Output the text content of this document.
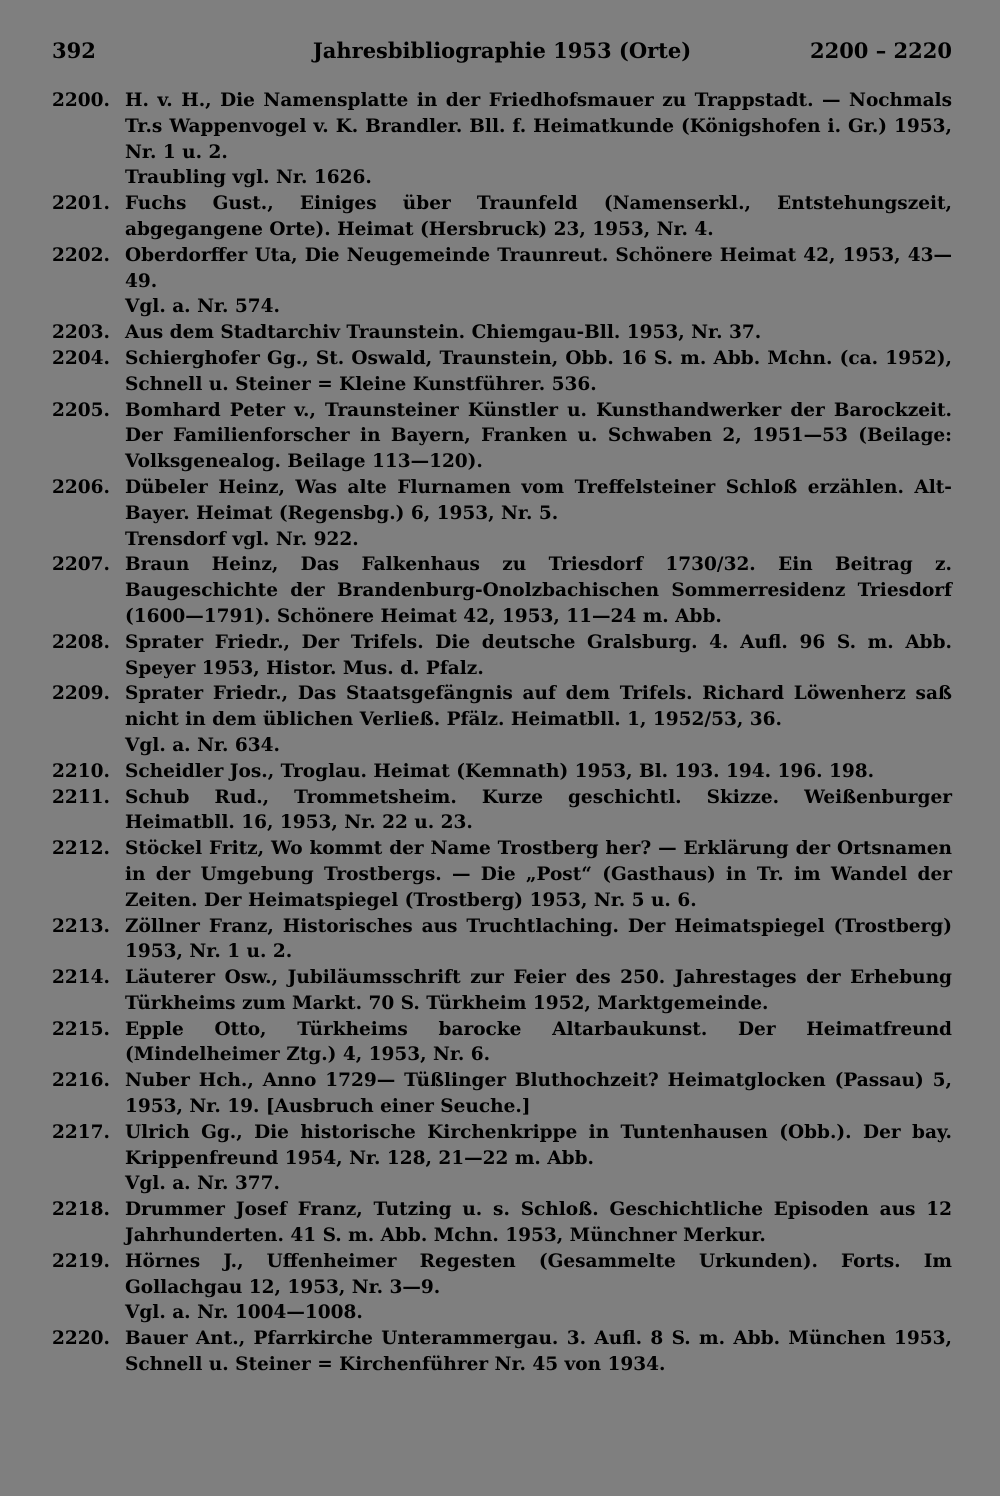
392	Jahresbibliographie 1953 (Orte)	2200 – 2220
2200. H. v. H., Die Namensplatte in der Friedhofsmauer zu Trappstadt. — Nochmals Tr.s Wappenvogel v. K. Brandler. Bll. f. Heimatkunde (Königshofen i. Gr.) 1953, Nr. 1 u. 2.
Traubling vgl. Nr. 1626.
2201. Fuchs Gust., Einiges über Traunfeld (Namenserkl., Entstehungszeit, abgegangene Orte). Heimat (Hersbruck) 23, 1953, Nr. 4.
2202. Oberdorffer Uta, Die Neugemeinde Traunreut. Schönere Heimat 42, 1953, 43—49.
Vgl. a. Nr. 574.
2203. Aus dem Stadtarchiv Traunstein. Chiemgau-Bll. 1953, Nr. 37.
2204. Schierghofer Gg., St. Oswald, Traunstein, Obb. 16 S. m. Abb. Mchn. (ca. 1952), Schnell u. Steiner = Kleine Kunstführer. 536.
2205. Bomhard Peter v., Traunsteiner Künstler u. Kunsthandwerker der Barockzeit. Der Familienforscher in Bayern, Franken u. Schwaben 2, 1951—53 (Beilage: Volksgenealog. Beilage 113—120).
2206. Dübeler Heinz, Was alte Flurnamen vom Treffelsteiner Schloß erzählen. Alt-Bayer. Heimat (Regensbg.) 6, 1953, Nr. 5.
Trensdorf vgl. Nr. 922.
2207. Braun Heinz, Das Falkenhaus zu Triesdorf 1730/32. Ein Beitrag z. Baugeschichte der Brandenburg-Onolzbachischen Sommerresidenz Triesdorf (1600—1791). Schönere Heimat 42, 1953, 11—24 m. Abb.
2208. Sprater Friedr., Der Trifels. Die deutsche Gralsburg. 4. Aufl. 96 S. m. Abb. Speyer 1953, Histor. Mus. d. Pfalz.
2209. Sprater Friedr., Das Staatsgefängnis auf dem Trifels. Richard Löwenherz saß nicht in dem üblichen Verließ. Pfälz. Heimatbll. 1, 1952/53, 36.
Vgl. a. Nr. 634.
2210. Scheidler Jos., Troglau. Heimat (Kemnath) 1953, Bl. 193. 194. 196. 198.
2211. Schub Rud., Trommetsheim. Kurze geschichtl. Skizze. Weißenburger Heimatbll. 16, 1953, Nr. 22 u. 23.
2212. Stöckel Fritz, Wo kommt der Name Trostberg her? — Erklärung der Ortsnamen in der Umgebung Trostbergs. — Die „Post“ (Gasthaus) in Tr. im Wandel der Zeiten. Der Heimatspiegel (Trostberg) 1953, Nr. 5 u. 6.
2213. Zöllner Franz, Historisches aus Truchtlaching. Der Heimatspiegel (Trostberg) 1953, Nr. 1 u. 2.
2214. Läuterer Osw., Jubiläumsschrift zur Feier des 250. Jahrestages der Erhebung Türkheims zum Markt. 70 S. Türkheim 1952, Marktgemeinde.
2215. Epple Otto, Türkheims barocke Altarbaukunst. Der Heimatfreund (Mindelheimer Ztg.) 4, 1953, Nr. 6.
2216. Nuber Hch., Anno 1729— Tüßlinger Bluthochzeit? Heimatglocken (Passau) 5, 1953, Nr. 19. [Ausbruch einer Seuche.]
2217. Ulrich Gg., Die historische Kirchenkrippe in Tuntenhausen (Obb.). Der bay. Krippenfreund 1954, Nr. 128, 21—22 m. Abb.
Vgl. a. Nr. 377.
2218. Drummer Josef Franz, Tutzing u. s. Schloß. Geschichtliche Episoden aus 12 Jahrhunderten. 41 S. m. Abb. Mchn. 1953, Münchner Merkur.
2219. Hörnes J., Uffenheimer Regesten (Gesammelte Urkunden). Forts. Im Gollachgau 12, 1953, Nr. 3—9.
Vgl. a. Nr. 1004—1008.
2220. Bauer Ant., Pfarrkirche Unterammergau. 3. Aufl. 8 S. m. Abb. München 1953, Schnell u. Steiner = Kirchenführer Nr. 45 von 1934.
